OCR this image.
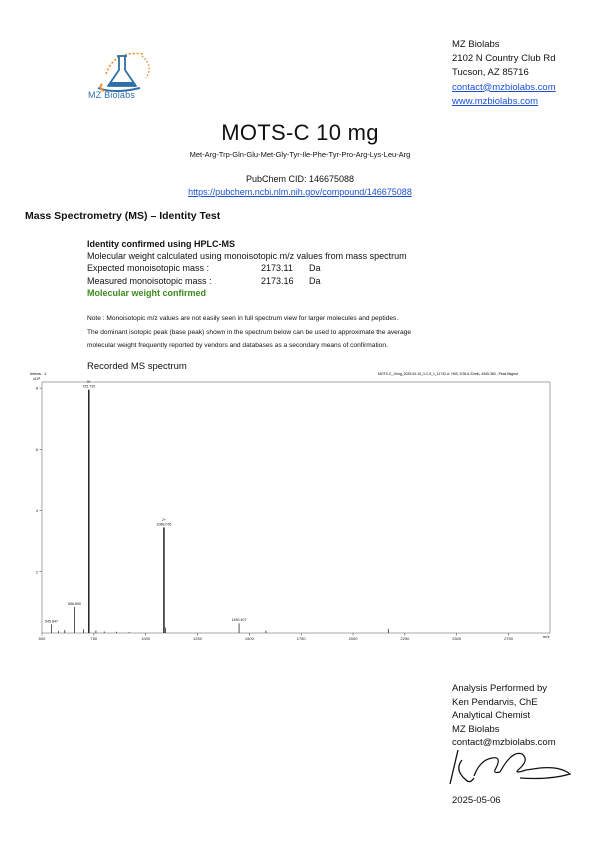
MZ Biolabs
MZ Biolabs
2102 N Country Club Rd
Tucson, AZ 85716
contact@mzbiolabs.com
www.mzbiolabs.com
MOTS-C 10 mg
Met-Arg-Trp-Gln-Glu-Met-Gly-Tyr-Ile-Phe-Tyr-Pro-Arg-Lys-Leu-Arg
PubChem CID: 146675088
https://pubchem.ncbi.nlm.nih.gov/compound/146675088
Mass Spectrometry (MS) – Identity Test
Identity confirmed using HPLC-MS
Molecular weight calculated using monoisotopic m/z values from mass spectrum
Expected monoisotopic mass :	2173.11	Da
Measured monoisotopic mass :	2173.16	Da
Molecular weight confirmed
Note : Monoisotopic m/z values are not easily seen in full spectrum view for larger molecules and peptides.
The dominant isotopic peak (base peak) shown in the spectrum below can be used to approximate the average
molecular weight frequently reported by vendors and databases as a secondary means of confirmation.
Recorded MS spectrum
Intens. 1.
x10⁶
MOTS-C_10mg_2025-04-10_3-C,5_1_11732.d: +MS, 5.96-6.22min, #345-360, -Peak Bkgrnd
m/z
500	750	1000	1250	1500	1750	2000	2250	2500	2750
2
4
6
8
545.847
656.890
725.720
3+
1088.076
2+
1450.407
Analysis Performed by
Ken Pendarvis, ChE
Analytical Chemist
MZ Biolabs
contact@mzbiolabs.com
2025-05-06
